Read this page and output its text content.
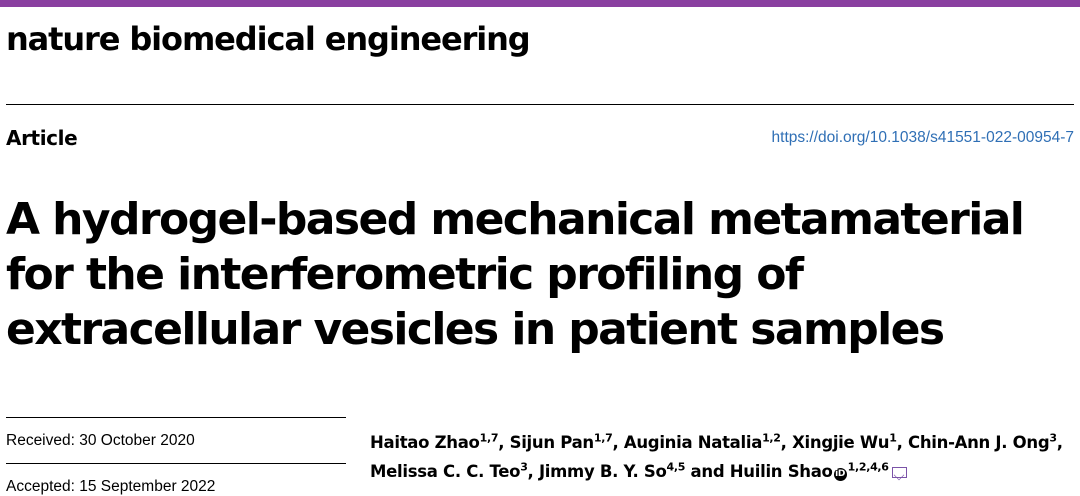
nature biomedical engineering
Article	https://doi.org/10.1038/s41551-022-00954-7
A hydrogel-based mechanical metamaterial
for the interferometric profiling of
extracellular vesicles in patient samples
Received: 30 October 2020
Accepted: 15 September 2022
Haitao Zhao$^{1,7}$, Sijun Pan$^{1,7}$, Auginia Natalia$^{1,2}$, Xingjie Wu$^1$, Chin-Ann J. Ong$^3$,
Melissa C. C. Teo$^3$, Jimmy B. Y. So$^{4,5}$ and Huilin Shao iD$^{1,2,4,6}$
